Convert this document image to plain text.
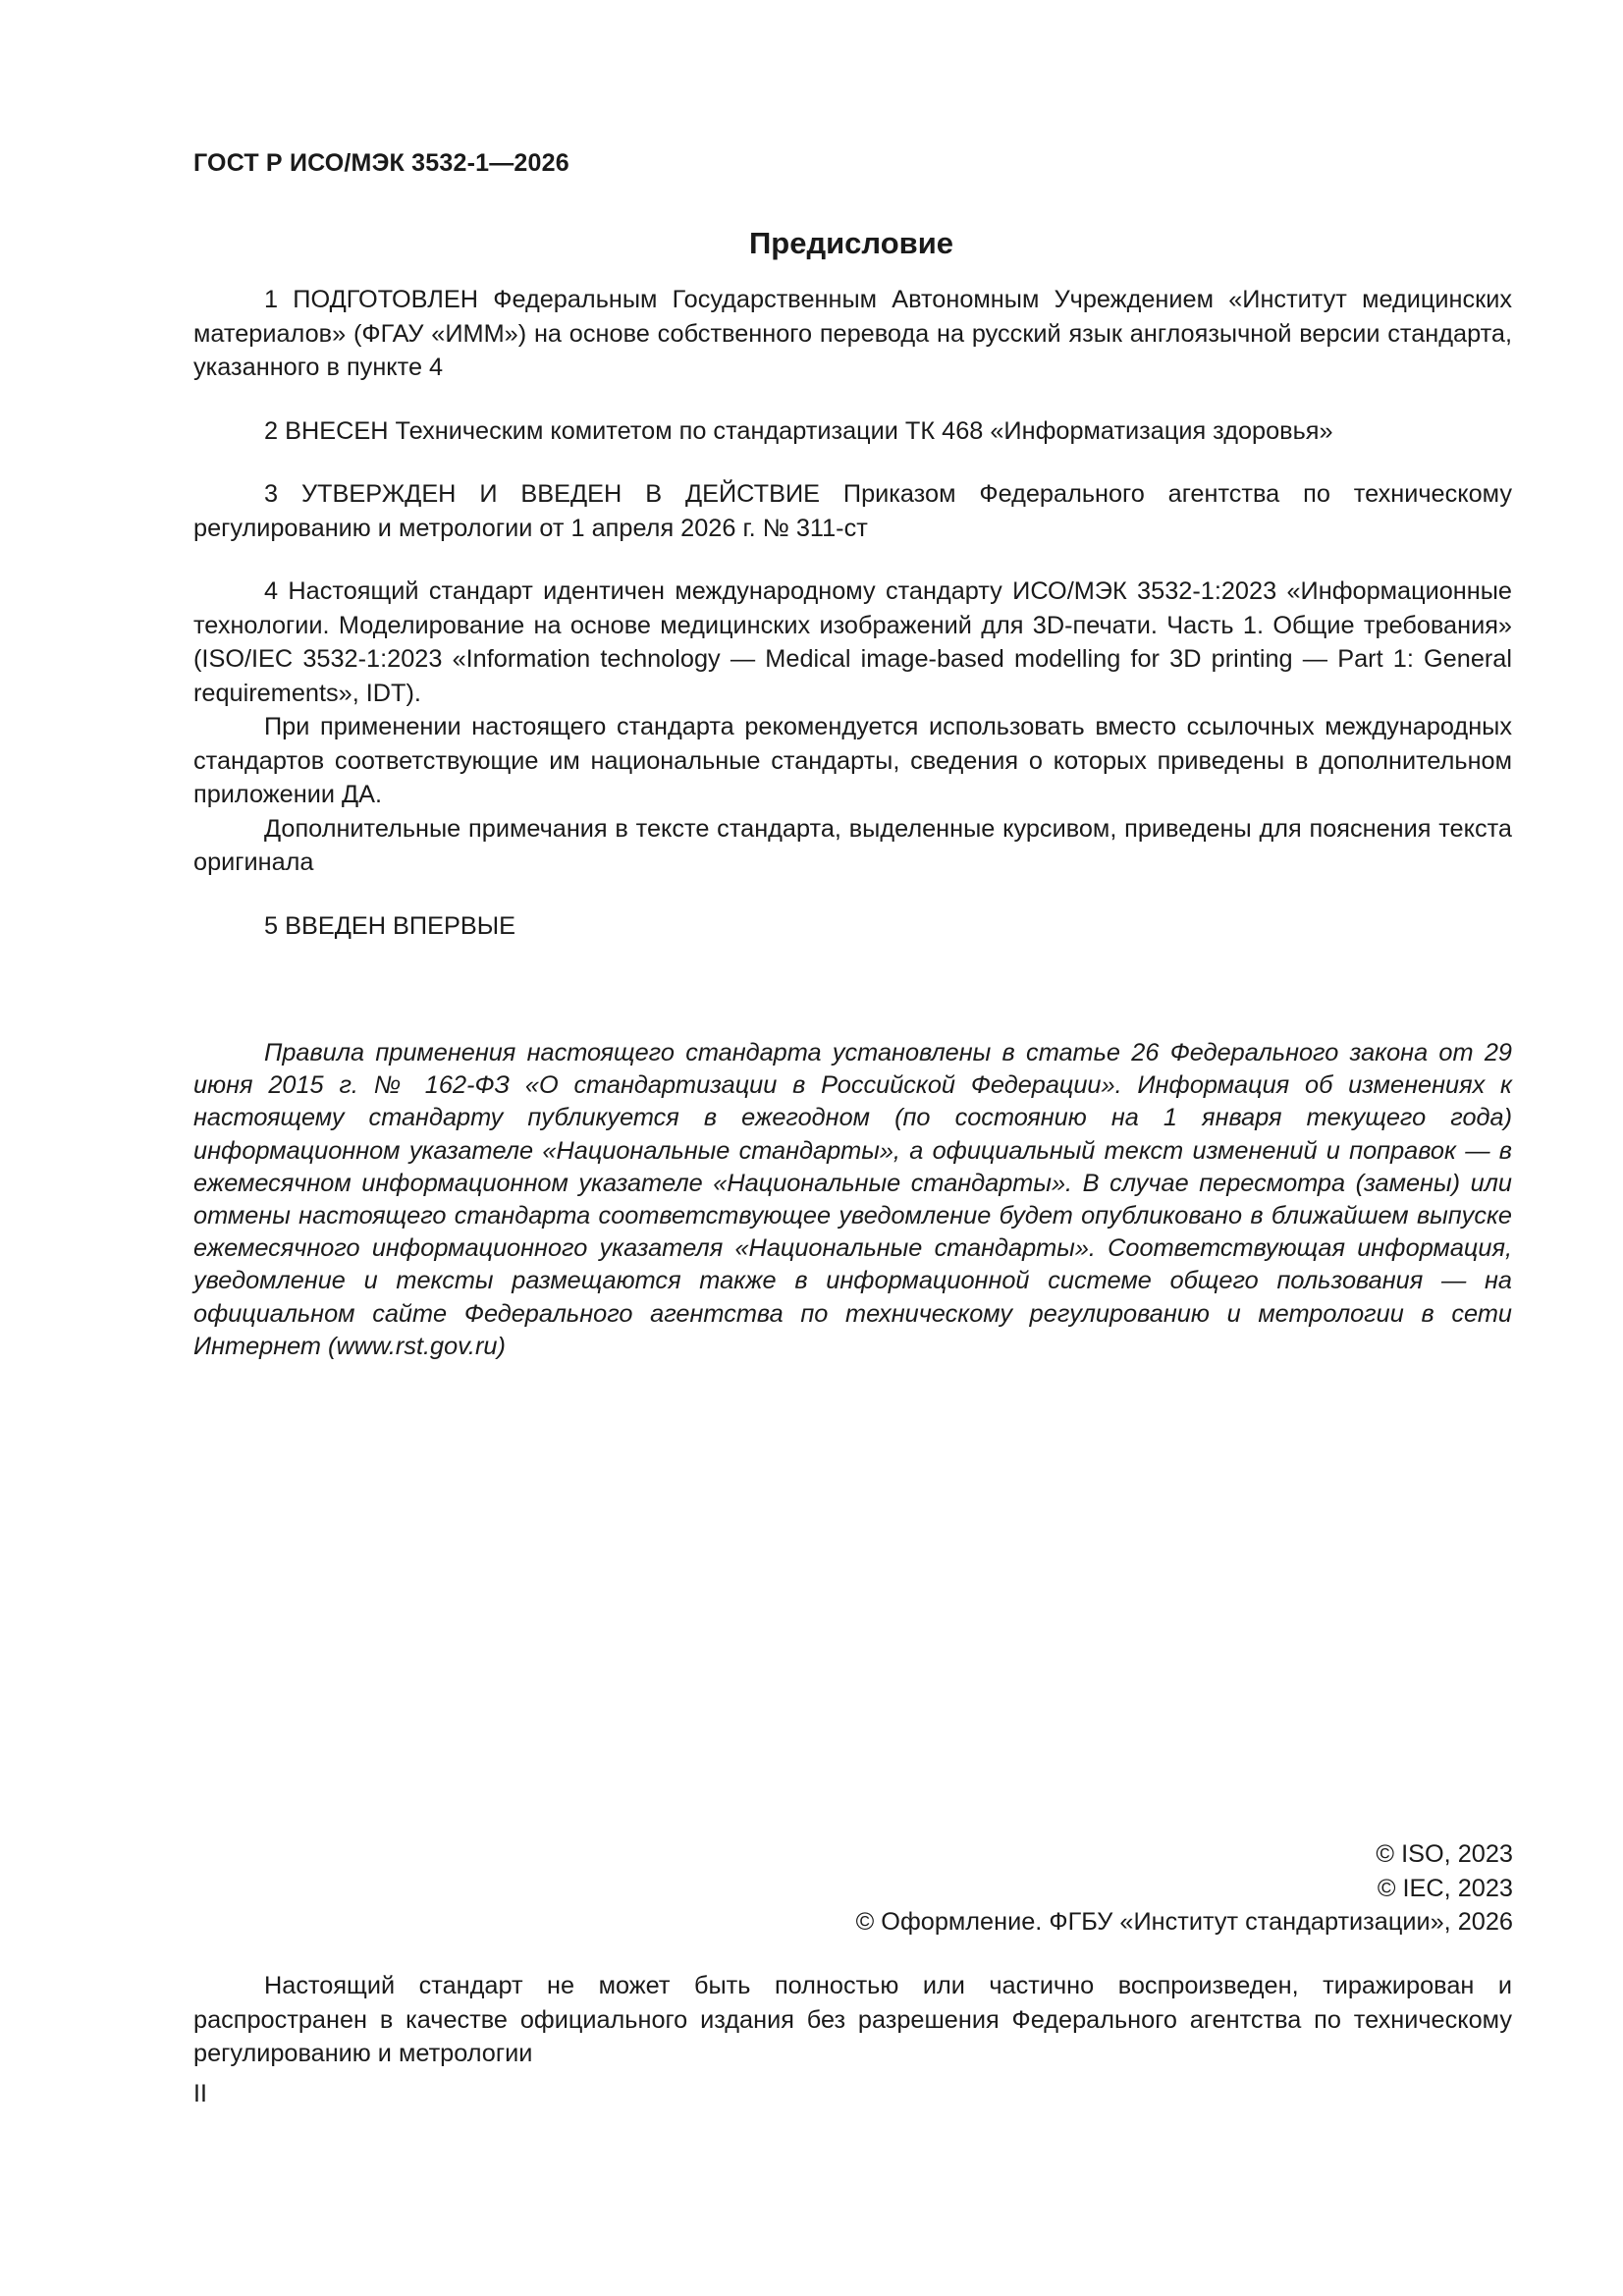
ГОСТ Р ИСО/МЭК 3532-1—2026
Предисловие

1 ПОДГОТОВЛЕН Федеральным Государственным Автономным Учреждением «Институт медицинских материалов» (ФГАУ «ИММ») на основе собственного перевода на русский язык англоязычной версии стандарта, указанного в пункте 4

2 ВНЕСЕН Техническим комитетом по стандартизации ТК 468 «Информатизация здоровья»

3 УТВЕРЖДЕН И ВВЕДЕН В ДЕЙСТВИЕ Приказом Федерального агентства по техническому регулированию и метрологии от 1 апреля 2026 г. № 311-ст

4 Настоящий стандарт идентичен международному стандарту ИСО/МЭК 3532-1:2023 «Информационные технологии. Моделирование на основе медицинских изображений для 3D-печати. Часть 1. Общие требования» (ISO/IEC 3532-1:2023 «Information technology — Medical image-based modelling for 3D printing — Part 1: General requirements», IDT).

При применении настоящего стандарта рекомендуется использовать вместо ссылочных международных стандартов соответствующие им национальные стандарты, сведения о которых приведены в дополнительном приложении ДА.

Дополнительные примечания в тексте стандарта, выделенные курсивом, приведены для пояснения текста оригинала

5 ВВЕДЕН ВПЕРВЫЕ

Правила применения настоящего стандарта установлены в статье 26 Федерального закона от 29 июня 2015 г. № 162-ФЗ «О стандартизации в Российской Федерации». Информация об изменениях к настоящему стандарту публикуется в ежегодном (по состоянию на 1 января текущего года) информационном указателе «Национальные стандарты», а официальный текст изменений и поправок — в ежемесячном информационном указателе «Национальные стандарты». В случае пересмотра (замены) или отмены настоящего стандарта соответствующее уведомление будет опубликовано в ближайшем выпуске ежемесячного информационного указателя «Национальные стандарты». Соответствующая информация, уведомление и тексты размещаются также в информационной системе общего пользования — на официальном сайте Федерального агентства по техническому регулированию и метрологии в сети Интернет (www.rst.gov.ru)
© ISO, 2023
© IEC, 2023
© Оформление. ФГБУ «Институт стандартизации», 2026
Настоящий стандарт не может быть полностью или частично воспроизведен, тиражирован и распространен в качестве официального издания без разрешения Федерального агентства по техническому регулированию и метрологии
II
